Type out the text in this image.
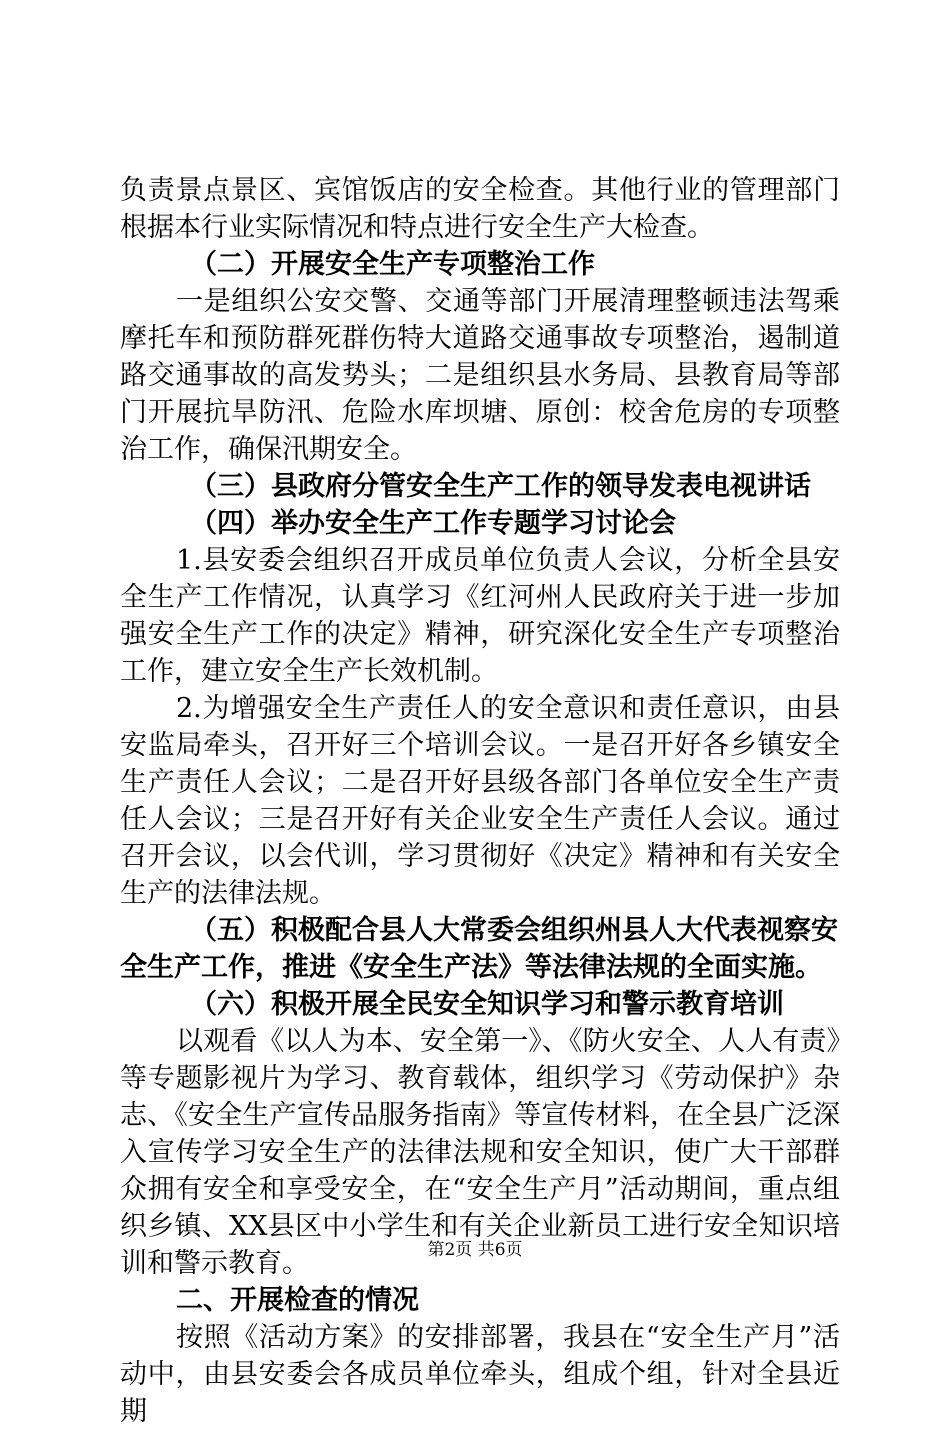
负责景点景区、宾馆饭店的安全检查。其他行业的管理部门根据本行业实际情况和特点进行安全生产大检查。

（二）开展安全生产专项整治工作

一是组织公安交警、交通等部门开展清理整顿违法驾乘摩托车和预防群死群伤特大道路交通事故专项整治，遏制道路交通事故的高发势头；二是组织县水务局、县教育局等部门开展抗旱防汛、危险水库坝塘、原创：校舍危房的专项整治工作，确保汛期安全。

（三）县政府分管安全生产工作的领导发表电视讲话

（四）举办安全生产工作专题学习讨论会

1.县安委会组织召开成员单位负责人会议，分析全县安全生产工作情况，认真学习《红河州人民政府关于进一步加强安全生产工作的决定》精神，研究深化安全生产专项整治工作，建立安全生产长效机制。

2.为增强安全生产责任人的安全意识和责任意识，由县安监局牵头，召开好三个培训会议。一是召开好各乡镇安全生产责任人会议；二是召开好县级各部门各单位安全生产责任人会议；三是召开好有关企业安全生产责任人会议。通过召开会议，以会代训，学习贯彻好《决定》精神和有关安全生产的法律法规。

（五）积极配合县人大常委会组织州县人大代表视察安全生产工作，推进《安全生产法》等法律法规的全面实施。

（六）积极开展全民安全知识学习和警示教育培训

以观看《以人为本、安全第一》、《防火安全、人人有责》等专题影视片为学习、教育载体，组织学习《劳动保护》杂志、《安全生产宣传品服务指南》等宣传材料，在全县广泛深入宣传学习安全生产的法律法规和安全知识，使广大干部群众拥有安全和享受安全，在“安全生产月”活动期间，重点组织乡镇、XX县区中小学生和有关企业新员工进行安全知识培训和警示教育。

二、开展检查的情况

按照《活动方案》的安排部署，我县在“安全生产月”活动中，由县安委会各成员单位牵头，组成个组，针对全县近期

第2页 共6页
